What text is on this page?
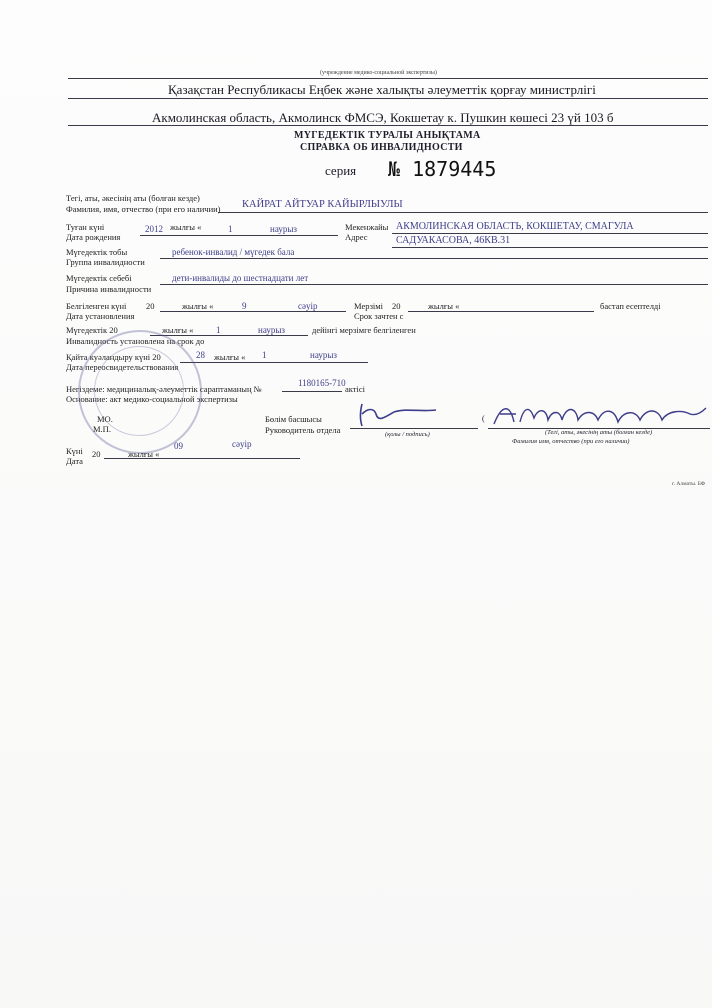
(учреждение медико-социальной экспертизы)
Қазақстан Республикасы Еңбек және халықты әлеуметтік қорғау министрлігі
Акмолинская область, Акмолинск ФМСЭ, Кокшетау к. Пушкин көшесі 23 үй 103 б
МҮГЕДЕКТІК ТУРАЛЫ АНЫҚТАМА
СПРАВКА ОБ ИНВАЛИДНОСТИ
серия № 1879445
Тегі, аты, әкесінің аты (болған кезде)
Фамилия, имя, отчество (при его наличии) КАЙРАТ АЙТУАР КАЙЫРЛЫУЛЫ
Туған күні
Дата рождения
2012 жылғы «	1	наурыз	Мекенжайы
Адрес
АКМОЛИНСКАЯ ОБЛАСТЬ, КОКШЕТАУ, СМАГУЛА
САДУАКАСОВА, 46КВ.31
Мүгедектік тобы
Группа инвалидности
ребенок-инвалид / мүгедек бала
Мүгедектік себебі
Причина инвалидности
дети-инвалиды до шестнадцати лет
Белгіленген күні
Дата установления
20	жылғы «	9	сәуір	Мерзімі
Срок зачтен с
20	жылғы «	бастап есептелді
Мүгедектік 20	жылғы «	1	наурыз	дейінгі мерзімге белгіленген
Инвалидность установлена на срок до
Қайта куәландыру күні 20	28 жылғы « 1	наурыз
Дата переосвидетельствования
Негіздеме: медициналық-әлеуметтік сараптаманың №
1180165-710
актісі
Основание: акт медико-социальной экспертизы
Бөлім басшысы
Руководитель отдела	(қолы / подпись)
(
(Тегі, аты, әкесінің аты (болған кезде)
Фамилия имя, отчество (при его наличии)
МО.
М.П.
Күні
Дата
20	жылғы «
09	сәуір
г. Алматы. БФ
